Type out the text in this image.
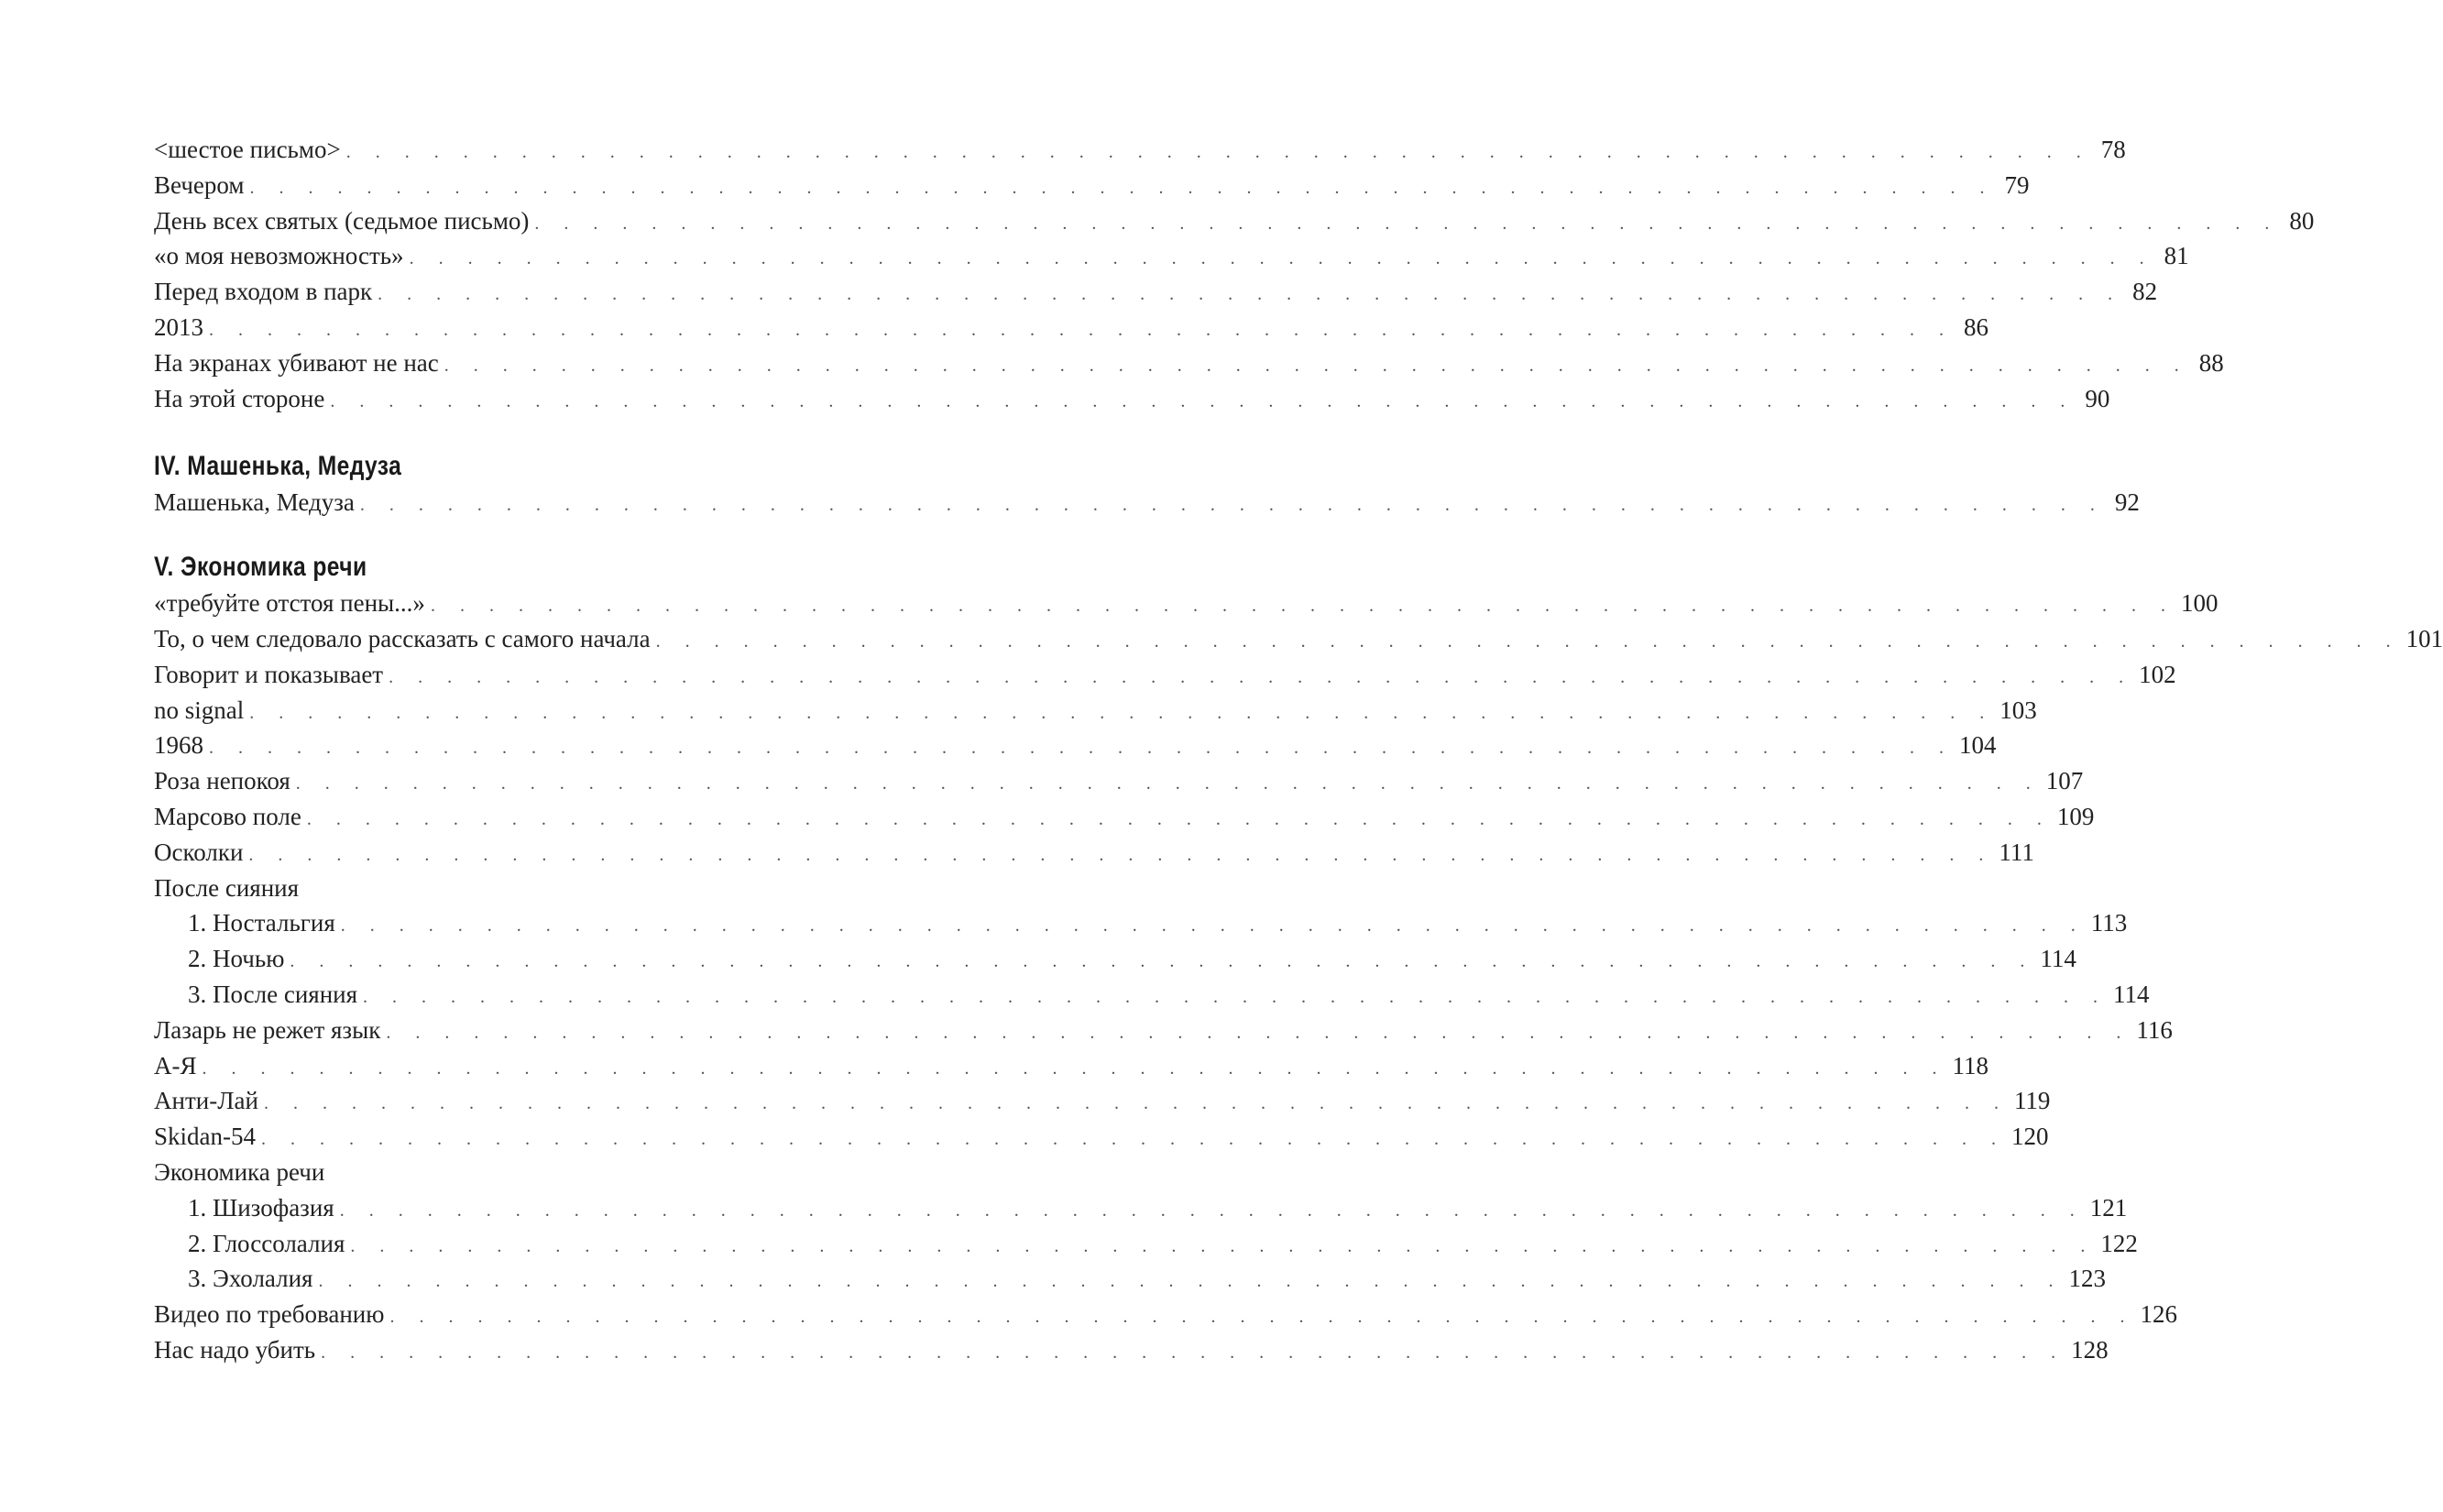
<шестое письмо> . . . . . . . . . . . . . . . . . . . . . . . . . . . . . . . . . . . . . . . . . . . . . . . . . . . . . . . . . . . . 78
Вечером . . . . . . . . . . . . . . . . . . . . . . . . . . . . . . . . . . . . . . . . . . . . . . . . . . . . . . . . . . . . 79
День всех святых (седьмое письмо) . . . . . . . . . . . . . . . . . . . . . . . . . . . . . . . . . . . . . . . . . . . . . . . . . . . . . . . . . . . . 80
«о моя невозможность» . . . . . . . . . . . . . . . . . . . . . . . . . . . . . . . . . . . . . . . . . . . . . . . . . . . . . . . . . . . . 81
Перед входом в парк . . . . . . . . . . . . . . . . . . . . . . . . . . . . . . . . . . . . . . . . . . . . . . . . . . . . . . . . . . . . 82
2013 . . . . . . . . . . . . . . . . . . . . . . . . . . . . . . . . . . . . . . . . . . . . . . . . . . . . . . . . . . . . 86
На экранах убивают не нас . . . . . . . . . . . . . . . . . . . . . . . . . . . . . . . . . . . . . . . . . . . . . . . . . . . . . . . . . . . . 88
На этой стороне . . . . . . . . . . . . . . . . . . . . . . . . . . . . . . . . . . . . . . . . . . . . . . . . . . . . . . . . . . . . 90
IV. Машенька, Медуза
Машенька, Медуза . . . . . . . . . . . . . . . . . . . . . . . . . . . . . . . . . . . . . . . . . . . . . . . . . . . . . . . . . . . . 92
V. Экономика речи
«требуйте отстоя пены...» . . . . . . . . . . . . . . . . . . . . . . . . . . . . . . . . . . . . . . . . . . . . . . . . . . . . . . . . . . . . 100
То, о чем следовало рассказать с самого начала . . . . . . . . . . . . . . . . . . . . . . . . . . . . . . . . . . . . . . . . . . . . . . . . . . . . . . . . . . . . 101
Говорит и показывает . . . . . . . . . . . . . . . . . . . . . . . . . . . . . . . . . . . . . . . . . . . . . . . . . . . . . . . . . . . . 102
no signal . . . . . . . . . . . . . . . . . . . . . . . . . . . . . . . . . . . . . . . . . . . . . . . . . . . . . . . . . . . . 103
1968 . . . . . . . . . . . . . . . . . . . . . . . . . . . . . . . . . . . . . . . . . . . . . . . . . . . . . . . . . . . . 104
Роза непокоя . . . . . . . . . . . . . . . . . . . . . . . . . . . . . . . . . . . . . . . . . . . . . . . . . . . . . . . . . . . . 107
Марсово поле . . . . . . . . . . . . . . . . . . . . . . . . . . . . . . . . . . . . . . . . . . . . . . . . . . . . . . . . . . . . 109
Осколки . . . . . . . . . . . . . . . . . . . . . . . . . . . . . . . . . . . . . . . . . . . . . . . . . . . . . . . . . . . . 111
После сияния
1. Ностальгия . . . . . . . . . . . . . . . . . . . . . . . . . . . . . . . . . . . . . . . . . . . . . . . . . . . . . . . . . . . . 113
2. Ночью . . . . . . . . . . . . . . . . . . . . . . . . . . . . . . . . . . . . . . . . . . . . . . . . . . . . . . . . . . . . 114
3. После сияния . . . . . . . . . . . . . . . . . . . . . . . . . . . . . . . . . . . . . . . . . . . . . . . . . . . . . . . . . . . . 114
Лазарь не режет язык . . . . . . . . . . . . . . . . . . . . . . . . . . . . . . . . . . . . . . . . . . . . . . . . . . . . . . . . . . . . 116
А-Я . . . . . . . . . . . . . . . . . . . . . . . . . . . . . . . . . . . . . . . . . . . . . . . . . . . . . . . . . . . . 118
Анти-Лай . . . . . . . . . . . . . . . . . . . . . . . . . . . . . . . . . . . . . . . . . . . . . . . . . . . . . . . . . . . . 119
Skidan-54 . . . . . . . . . . . . . . . . . . . . . . . . . . . . . . . . . . . . . . . . . . . . . . . . . . . . . . . . . . . . 120
Экономика речи
1. Шизофазия . . . . . . . . . . . . . . . . . . . . . . . . . . . . . . . . . . . . . . . . . . . . . . . . . . . . . . . . . . . . 121
2. Глоссолалия . . . . . . . . . . . . . . . . . . . . . . . . . . . . . . . . . . . . . . . . . . . . . . . . . . . . . . . . . . . . 122
3. Эхолалия . . . . . . . . . . . . . . . . . . . . . . . . . . . . . . . . . . . . . . . . . . . . . . . . . . . . . . . . . . . . 123
Видео по требованию . . . . . . . . . . . . . . . . . . . . . . . . . . . . . . . . . . . . . . . . . . . . . . . . . . . . . . . . . . . . 126
Нас надо убить . . . . . . . . . . . . . . . . . . . . . . . . . . . . . . . . . . . . . . . . . . . . . . . . . . . . . . . . . . . . 128
